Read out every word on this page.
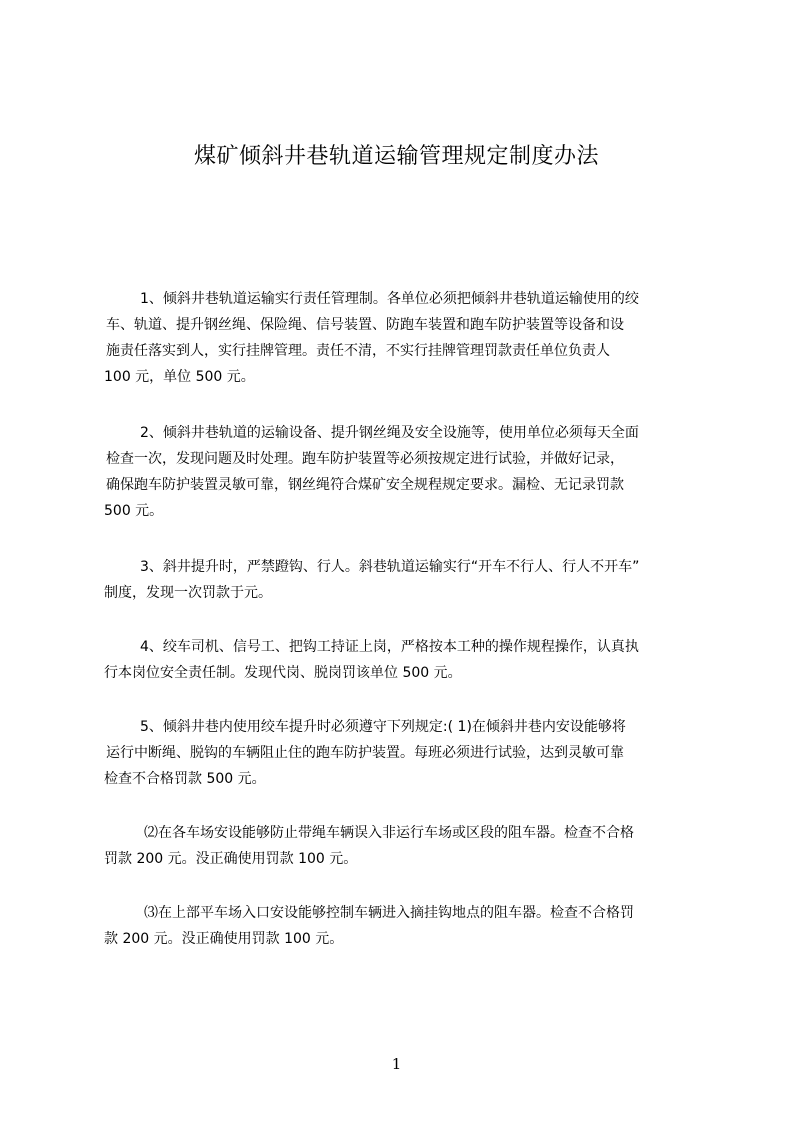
煤矿倾斜井巷轨道运输管理规定制度办法

1、倾斜井巷轨道运输实行责任管理制。各单位必须把倾斜井巷轨道运输使用的绞
车、轨道、提升钢丝绳、保险绳、信号装置、防跑车装置和跑车防护装置等设备和设
施责任落实到人，实行挂牌管理。责任不清，不实行挂牌管理罚款责任单位负责人
100 元，单位 500 元。

2、倾斜井巷轨道的运输设备、提升钢丝绳及安全设施等，使用单位必须每天全面
检查一次，发现问题及时处理。跑车防护装置等必须按规定进行试验，并做好记录，
确保跑车防护装置灵敏可靠，钢丝绳符合煤矿安全规程规定要求。漏检、无记录罚款
500 元。

3、斜井提升时，严禁蹬钩、行人。斜巷轨道运输实行“开车不行人、行人不开车”
制度，发现一次罚款于元。

4、绞车司机、信号工、把钩工持证上岗，严格按本工种的操作规程操作，认真执
行本岗位安全责任制。发现代岗、脱岗罚该单位 500 元。

5、倾斜井巷内使用绞车提升时必须遵守下列规定:( 1)在倾斜井巷内安设能够将
运行中断绳、脱钩的车辆阻止住的跑车防护装置。每班必须进行试验，达到灵敏可靠
检查不合格罚款 500 元。

⑵在各车场安设能够防止带绳车辆误入非运行车场或区段的阻车器。检查不合格
罚款 200 元。没正确使用罚款 100 元。

⑶在上部平车场入口安设能够控制车辆进入摘挂钩地点的阻车器。检查不合格罚
款 200 元。没正确使用罚款 100 元。

1
